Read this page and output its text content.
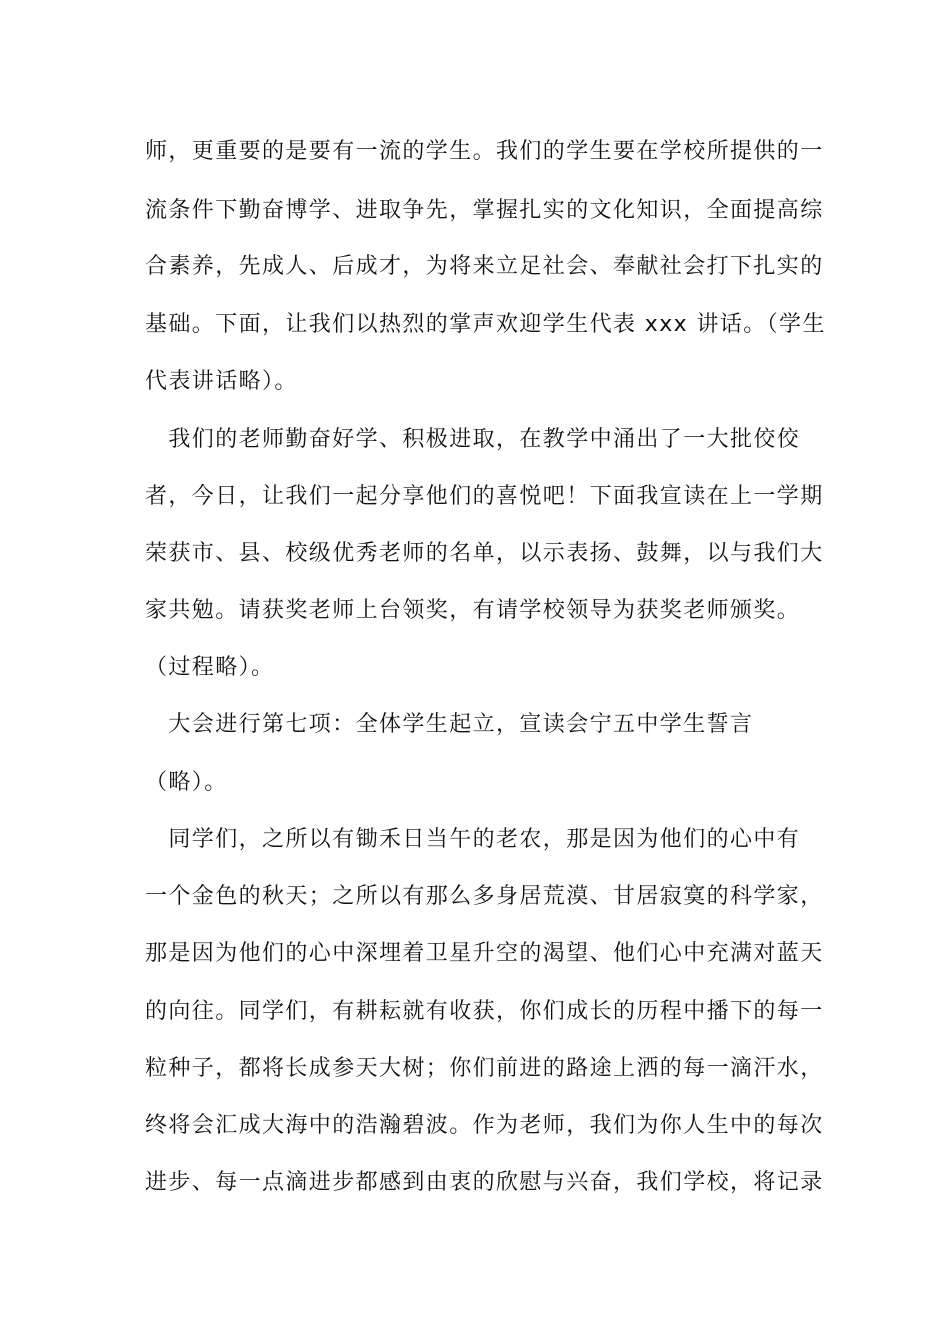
师，更重要的是要有一流的学生。我们的学生要在学校所提供的一
流条件下勤奋博学、进取争先，掌握扎实的文化知识，全面提高综
合素养，先成人、后成才，为将来立足社会、奉献社会打下扎实的
基础。下面，让我们以热烈的掌声欢迎学生代表 xxx 讲话。（学生
代表讲话略）。
　我们的老师勤奋好学、积极进取，在教学中涌出了一大批佼佼
者，今日，让我们一起分享他们的喜悦吧！下面我宣读在上一学期
荣获市、县、校级优秀老师的名单，以示表扬、鼓舞，以与我们大
家共勉。请获奖老师上台领奖，有请学校领导为获奖老师颁奖。
（过程略）。
　大会进行第七项：全体学生起立，宣读会宁五中学生誓言
（略）。
　同学们，之所以有锄禾日当午的老农，那是因为他们的心中有
一个金色的秋天；之所以有那么多身居荒漠、甘居寂寞的科学家，
那是因为他们的心中深埋着卫星升空的渴望、他们心中充满对蓝天
的向往。同学们，有耕耘就有收获，你们成长的历程中播下的每一
粒种子，都将长成参天大树；你们前进的路途上洒的每一滴汗水，
终将会汇成大海中的浩瀚碧波。作为老师，我们为你人生中的每次
进步、每一点滴进步都感到由衷的欣慰与兴奋，我们学校，将记录
